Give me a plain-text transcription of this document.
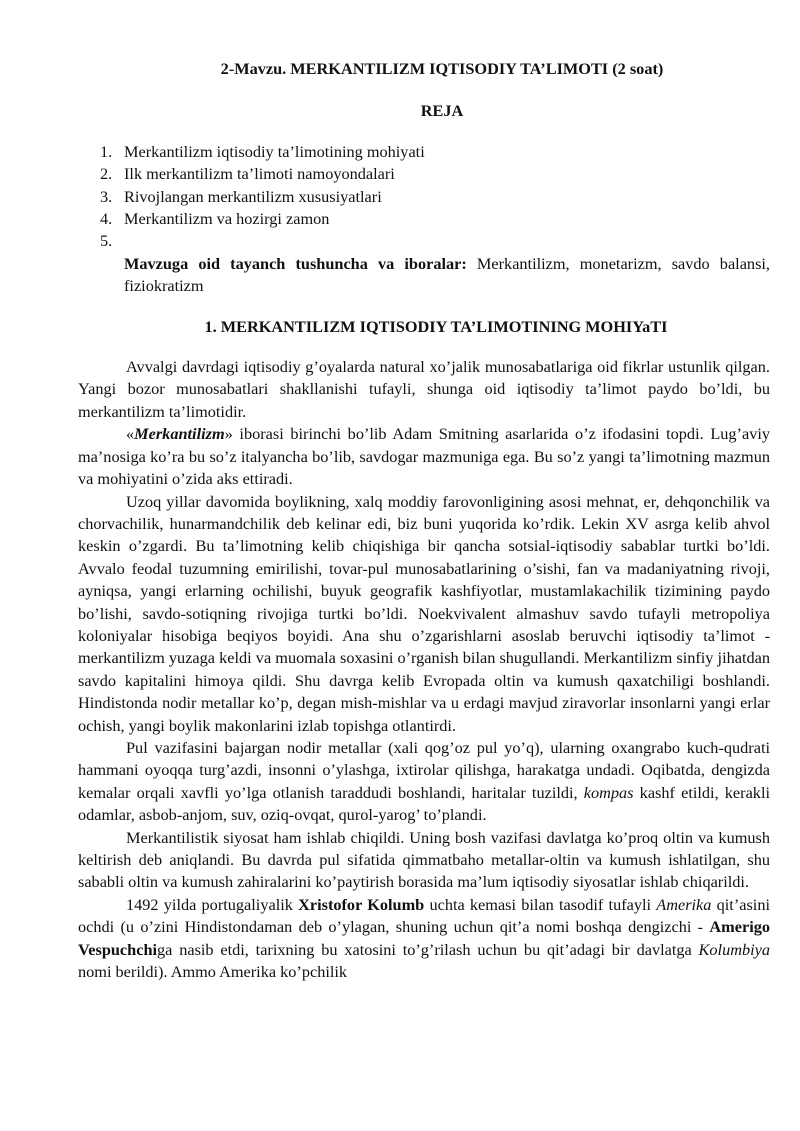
2-Mavzu. MERKANTILIZM IQTISODIY TA’LIMOTI (2 soat)
REJA
1. Merkantilizm iqtisodiy ta’limotining mohiyati
2. Ilk merkantilizm ta’limoti namoyondalari
3. Rivojlangan merkantilizm xususiyatlari
4. Merkantilizm va hozirgi zamon
5.

Mavzuga oid tayanch tushuncha va iboralar: Merkantilizm, monetarizm, savdo balansi, fiziokratizm

1. MERKANTILIZM IQTISODIY TA’LIMOTINING MOHIYaTI

Avvalgi davrdagi iqtisodiy g’oyalarda natural xo’jalik munosabatlariga oid fikrlar ustunlik qilgan. Yangi bozor munosabatlari shakllanishi tufayli, shunga oid iqtisodiy ta’limot paydo bo’ldi, bu merkantilizm ta’limotidir.

«Merkantilizm» iborasi birinchi bo’lib Adam Smitning asarlarida o’z ifodasini topdi. Lug’aviy ma’nosiga ko’ra bu so’z italyancha bo’lib, savdogar mazmuniga ega. Bu so’z yangi ta’limotning mazmun va mohiyatini o’zida aks ettiradi.

Uzoq yillar davomida boylikning, xalq moddiy farovonligining asosi mehnat, er, dehqonchilik va chorvachilik, hunarmandchilik deb kelinar edi, biz buni yuqorida ko’rdik. Lekin XV asrga kelib ahvol keskin o’zgardi. Bu ta’limotning kelib chiqishiga bir qancha sotsial-iqtisodiy sabablar turtki bo’ldi. Avvalo feodal tuzumning emirilishi, tovar-pul munosabatlarining o’sishi, fan va madaniyatning rivoji, ayniqsa, yangi erlarning ochilishi, buyuk geografik kashfiyotlar, mustamlakachilik tizimining paydo bo’lishi, savdo-sotiqning rivojiga turtki bo’ldi. Noekvivalent almashuv savdo tufayli metropoliya koloniyalar hisobiga beqiyos boyidi. Ana shu o’zgarishlarni asoslab beruvchi iqtisodiy ta’limot - merkantilizm yuzaga keldi va muomala soxasini o’rganish bilan shugullandi. Merkantilizm sinfiy jihatdan savdo kapitalini himoya qildi. Shu davrga kelib Evropada oltin va kumush qaxatchiligi boshlandi. Hindistonda nodir metallar ko’p, degan mish-mishlar va u erdagi mavjud ziravorlar insonlarni yangi erlar ochish, yangi boylik makonlarini izlab topishga otlantirdi.

Pul vazifasini bajargan nodir metallar (xali qog’oz pul yo’q), ularning oxangrabo kuch-qudrati hammani oyoqqa turg’azdi, insonni o’ylashga, ixtirolar qilishga, harakatga undadi. Oqibatda, dengizda kemalar orqali xavfli yo’lga otlanish taraddudi boshlandi, haritalar tuzildi, kompas kashf etildi, kerakli odamlar, asbob-anjom, suv, oziq-ovqat, qurol-yarog’ to’plandi.

Merkantilistik siyosat ham ishlab chiqildi. Uning bosh vazifasi davlatga ko’proq oltin va kumush keltirish deb aniqlandi. Bu davrda pul sifatida qimmatbaho metallar-oltin va kumush ishlatilgan, shu sababli oltin va kumush zahiralarini ko’paytirish borasida ma’lum iqtisodiy siyosatlar ishlab chiqarildi.

1492 yilda portugaliyalik Xristofor Kolumb uchta kemasi bilan tasodif tufayli Amerika qit’asini ochdi (u o’zini Hindistondaman deb o’ylagan, shuning uchun qit’a nomi boshqa dengizchi - Amerigo Vespuchchiga nasib etdi, tarixning bu xatosini to’g’rilash uchun bu qit’adagi bir davlatga Kolumbiya nomi berildi). Ammo Amerika ko’pchilik
